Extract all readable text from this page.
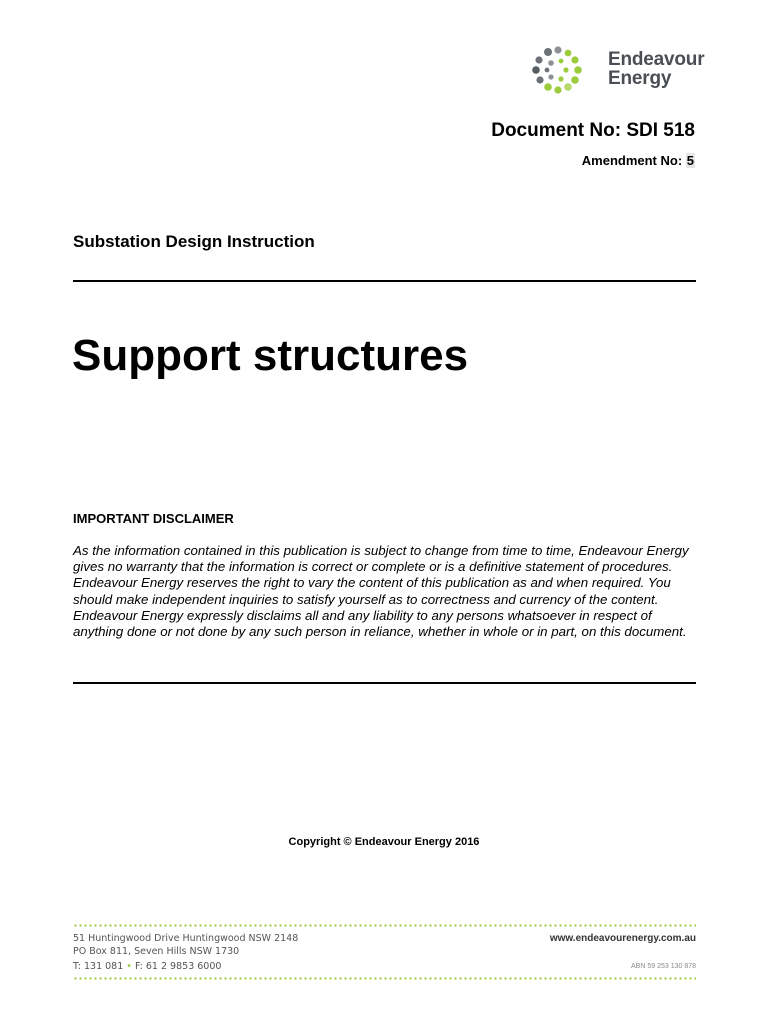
Endeavour
Energy
Document No: SDI 518
Amendment No: 5
Substation Design Instruction
Support structures
IMPORTANT DISCLAIMER

As the information contained in this publication is subject to change from time to time, Endeavour Energy gives no warranty that the information is correct or complete or is a definitive statement of procedures. Endeavour Energy reserves the right to vary the content of this publication as and when required. You should make independent inquiries to satisfy yourself as to correctness and currency of the content. Endeavour Energy expressly disclaims all and any liability to any persons whatsoever in respect of anything done or not done by any such person in reliance, whether in whole or in part, on this document.

Copyright © Endeavour Energy 2016
51 Huntingwood Drive Huntingwood NSW 2148
PO Box 811, Seven Hills NSW 1730
T: 131 081 • F: 61 2 9853 6000
www.endeavourenergy.com.au
ABN 59 253 130 878
